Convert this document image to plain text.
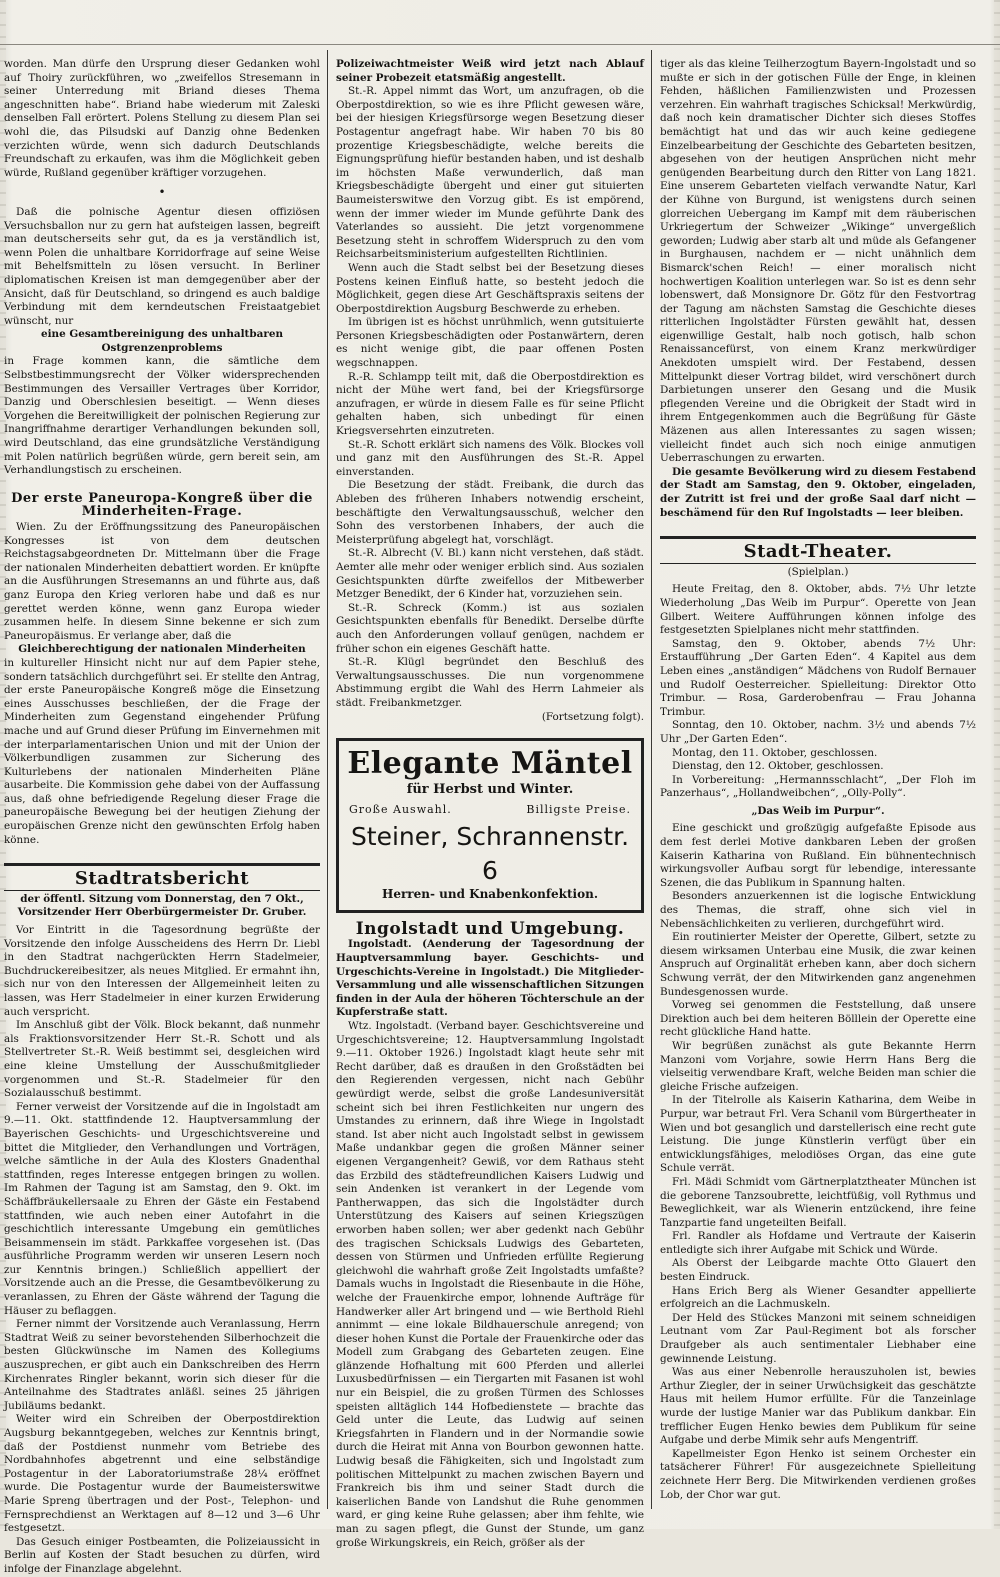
worden. Man dürfe den Ursprung dieser Gedanken wohl auf Thoiry zurückführen, wo „zweifellos Stresemann in seiner Unterredung mit Briand dieses Thema angeschnitten habe“. Briand habe wiederum mit Zaleski denselben Fall erörtert. Polens Stellung zu diesem Plan sei wohl die, das Pilsudski auf Danzig ohne Bedenken verzichten würde, wenn sich dadurch Deutschlands Freundschaft zu erkaufen, was ihm die Möglichkeit geben würde, Rußland gegenüber kräftiger vorzugehen.

•

Daß die polnische Agentur diesen offiziösen Versuchsballon nur zu gern hat aufsteigen lassen, begreift man deutscherseits sehr gut, da es ja verständlich ist, wenn Polen die unhaltbare Korridorfrage auf seine Weise mit Behelfsmitteln zu lösen versucht. In Berliner diplomatischen Kreisen ist man demgegenüber aber der Ansicht, daß für Deutschland, so dringend es auch baldige Verbindung mit dem kerndeutschen Freistaatgebiet wünscht, nur

eine Gesamtbereinigung des unhaltbaren Ostgrenzenproblems

in Frage kommen kann, die sämtliche dem Selbstbestimmungsrecht der Völker widersprechenden Bestimmungen des Versailler Vertrages über Korridor, Danzig und Oberschlesien beseitigt. — Wenn dieses Vorgehen die Bereitwilligkeit der polnischen Regierung zur Inangriffnahme derartiger Verhandlungen bekunden soll, wird Deutschland, das eine grundsätzliche Verständigung mit Polen natürlich begrüßen würde, gern bereit sein, am Verhandlungstisch zu erscheinen.

Der erste Paneuropa-Kongreß über die Minderheiten-Frage.

Wien. Zu der Eröffnungssitzung des Paneuropäischen Kongresses ist von dem deutschen Reichstagsabgeordneten Dr. Mittelmann über die Frage der nationalen Minderheiten debattiert worden. Er knüpfte an die Ausführungen Stresemanns an und führte aus, daß ganz Europa den Krieg verloren habe und daß es nur gerettet werden könne, wenn ganz Europa wieder zusammen helfe. In diesem Sinne bekenne er sich zum Paneuropäismus. Er verlange aber, daß die

Gleichberechtigung der nationalen Minderheiten

in kultureller Hinsicht nicht nur auf dem Papier stehe, sondern tatsächlich durchgeführt sei. Er stellte den Antrag, der erste Paneuropäische Kongreß möge die Einsetzung eines Ausschusses beschließen, der die Frage der Minderheiten zum Gegenstand eingehender Prüfung mache und auf Grund dieser Prüfung im Einvernehmen mit der interparlamentarischen Union und mit der Union der Völkerbundligen zusammen zur Sicherung des Kulturlebens der nationalen Minderheiten Pläne ausarbeite. Die Kommission gehe dabei von der Auffassung aus, daß ohne befriedigende Regelung dieser Frage die paneuropäische Bewegung bei der heutigen Ziehung der europäischen Grenze nicht den gewünschten Erfolg haben könne.

Stadtratsbericht
der öffentl. Sitzung vom Donnerstag, den 7 Okt., Vorsitzender Herr Oberbürgermeister Dr. Gruber.

Vor Eintritt in die Tagesordnung begrüßte der Vorsitzende den infolge Ausscheidens des Herrn Dr. Liebl in den Stadtrat nachgerückten Herrn Stadelmeier, Buchdruckereibesitzer, als neues Mitglied. Er ermahnt ihn, sich nur von den Interessen der Allgemeinheit leiten zu lassen, was Herr Stadelmeier in einer kurzen Erwiderung auch verspricht.

Im Anschluß gibt der Völk. Block bekannt, daß nunmehr als Fraktionsvorsitzender Herr St.-R. Schott und als Stellvertreter St.-R. Weiß bestimmt sei, desgleichen wird eine kleine Umstellung der Ausschußmitglieder vorgenommen und St.-R. Stadelmeier für den Sozialausschuß bestimmt.

Ferner verweist der Vorsitzende auf die in Ingolstadt am 9.—11. Okt. stattfindende 12. Hauptversammlung der Bayerischen Geschichts- und Urgeschichtsvereine und bittet die Mitglieder, den Verhandlungen und Vorträgen, welche sämtliche in der Aula des Klosters Gnadenthal stattfinden, reges Interesse entgegen bringen zu wollen. Im Rahmen der Tagung ist am Samstag, den 9. Okt. im Schäffbräukellersaale zu Ehren der Gäste ein Festabend stattfinden, wie auch neben einer Autofahrt in die geschichtlich interessante Umgebung ein gemütliches Beisammensein im städt. Parkkaffee vorgesehen ist. (Das ausführliche Programm werden wir unseren Lesern noch zur Kenntnis bringen.) Schließlich appelliert der Vorsitzende auch an die Presse, die Gesamtbevölkerung zu veranlassen, zu Ehren der Gäste während der Tagung die Häuser zu beflaggen.

Ferner nimmt der Vorsitzende auch Veranlassung, Herrn Stadtrat Weiß zu seiner bevorstehenden Silberhochzeit die besten Glückwünsche im Namen des Kollegiums auszusprechen, er gibt auch ein Dankschreiben des Herrn Kirchenrates Ringler bekannt, worin sich dieser für die Anteilnahme des Stadtrates anläßl. seines 25 jährigen Jubiläums bedankt.

Weiter wird ein Schreiben der Oberpostdirektion Augsburg bekanntgegeben, welches zur Kenntnis bringt, daß der Postdienst nunmehr vom Betriebe des Nordbahnhofes abgetrennt und eine selbständige Postagentur in der Laboratoriumstraße 28¼ eröffnet wurde. Die Postagentur wurde der Baumeisterswitwe Marie Spreng übertragen und der Post-, Telephon- und Fernsprechdienst an Werktagen auf 8—12 und 3—6 Uhr festgesetzt.

Das Gesuch einiger Postbeamten, die Polizeiaussicht in Berlin auf Kosten der Stadt besuchen zu dürfen, wird infolge der Finanzlage abgelehnt.

Polizeiwachtmeister Weiß wird jetzt nach Ablauf seiner Probezeit etatsmäßig angestellt.

St.-R. Appel nimmt das Wort, um anzufragen, ob die Oberpostdirektion, so wie es ihre Pflicht gewesen wäre, bei der hiesigen Kriegsfürsorge wegen Besetzung dieser Postagentur angefragt habe. Wir haben 70 bis 80 prozentige Kriegsbeschädigte, welche bereits die Eignungsprüfung hiefür bestanden haben, und ist deshalb im höchsten Maße verwunderlich, daß man Kriegsbeschädigte übergeht und einer gut situierten Baumeisterswitwe den Vorzug gibt. Es ist empörend, wenn der immer wieder im Munde geführte Dank des Vaterlandes so aussieht. Die jetzt vorgenommene Besetzung steht in schroffem Widerspruch zu den vom Reichsarbeitsministerium aufgestellten Richtlinien.

Wenn auch die Stadt selbst bei der Besetzung dieses Postens keinen Einfluß hatte, so besteht jedoch die Möglichkeit, gegen diese Art Geschäftspraxis seitens der Oberpostdirektion Augsburg Beschwerde zu erheben.

Im übrigen ist es höchst unrühmlich, wenn gutsituierte Personen Kriegsbeschädigten oder Postanwärtern, deren es nicht wenige gibt, die paar offenen Posten wegschnappen.

R.-R. Schlampp teilt mit, daß die Oberpostdirektion es nicht der Mühe wert fand, bei der Kriegsfürsorge anzufragen, er würde in diesem Falle es für seine Pflicht gehalten haben, sich unbedingt für einen Kriegsversehrten einzutreten.

St.-R. Schott erklärt sich namens des Völk. Blockes voll und ganz mit den Ausführungen des St.-R. Appel einverstanden.

Die Besetzung der städt. Freibank, die durch das Ableben des früheren Inhabers notwendig erscheint, beschäftigte den Verwaltungsausschuß, welcher den Sohn des verstorbenen Inhabers, der auch die Meisterprüfung abgelegt hat, vorschlägt.

St.-R. Albrecht (V. Bl.) kann nicht verstehen, daß städt. Aemter alle mehr oder weniger erblich sind. Aus sozialen Gesichtspunkten dürfte zweifellos der Mitbewerber Metzger Benedikt, der 6 Kinder hat, vorzuziehen sein.

St.-R. Schreck (Komm.) ist aus sozialen Gesichtspunkten ebenfalls für Benedikt. Derselbe dürfte auch den Anforderungen vollauf genügen, nachdem er früher schon ein eigenes Geschäft hatte.

St.-R. Klügl begründet den Beschluß des Verwaltungsausschusses. Die nun vorgenommene Abstimmung ergibt die Wahl des Herrn Lahmeier als städt. Freibankmetzger.

(Fortsetzung folgt).

Elegante Mäntel
für Herbst und Winter.
Große Auswahl.	Billigste Preise.
Steiner, Schrannenstr. 6
Herren- und Knabenkonfektion.
Ingolstadt und Umgebung.

Ingolstadt. (Aenderung der Tagesordnung der Hauptversammlung bayer. Geschichts- und Urgeschichts-Vereine in Ingolstadt.) Die Mitglieder-Versammlung und alle wissenschaftlichen Sitzungen finden in der Aula der höheren Töchterschule an der Kupferstraße statt.

Wtz. Ingolstadt. (Verband bayer. Geschichtsvereine und Urgeschichtsvereine; 12. Hauptversammlung Ingolstadt 9.—11. Oktober 1926.) Ingolstadt klagt heute sehr mit Recht darüber, daß es draußen in den Großstädten bei den Regierenden vergessen, nicht nach Gebühr gewürdigt werde, selbst die große Landesuniversität scheint sich bei ihren Festlichkeiten nur ungern des Umstandes zu erinnern, daß ihre Wiege in Ingolstadt stand. Ist aber nicht auch Ingolstadt selbst in gewissem Maße undankbar gegen die großen Männer seiner eigenen Vergangenheit? Gewiß, vor dem Rathaus steht das Erzbild des städtefreundlichen Kaisers Ludwig und sein Andenken ist verankert in der Legende vom Pantherwappen, das sich die Ingolstädter durch Unterstützung des Kaisers auf seinen Kriegszügen erworben haben sollen; wer aber gedenkt nach Gebühr des tragischen Schicksals Ludwigs des Gebarteten, dessen von Stürmen und Unfrieden erfüllte Regierung gleichwohl die wahrhaft große Zeit Ingolstadts umfaßte? Damals wuchs in Ingolstadt die Riesenbaute in die Höhe, welche der Frauenkirche empor, lohnende Aufträge für Handwerker aller Art bringend und — wie Berthold Riehl annimmt — eine lokale Bildhauerschule anregend; von dieser hohen Kunst die Portale der Frauenkirche oder das Modell zum Grabgang des Gebarteten zeugen. Eine glänzende Hofhaltung mit 600 Pferden und allerlei Luxusbedürfnissen — ein Tiergarten mit Fasanen ist wohl nur ein Beispiel, die zu großen Türmen des Schlosses speisten alltäglich 144 Hofbedienstete — brachte das Geld unter die Leute, das Ludwig auf seinen Kriegsfahrten in Flandern und in der Normandie sowie durch die Heirat mit Anna von Bourbon gewonnen hatte. Ludwig besaß die Fähigkeiten, sich und Ingolstadt zum politischen Mittelpunkt zu machen zwischen Bayern und Frankreich bis ihm und seiner Stadt durch die kaiserlichen Bande von Landshut die Ruhe genommen ward, er ging keine Ruhe gelassen; aber ihm fehlte, wie man zu sagen pflegt, die Gunst der Stunde, um ganz große Wirkungskreis, ein Reich, größer als der

tiger als das kleine Teilherzogtum Bayern-Ingolstadt und so mußte er sich in der gotischen Fülle der Enge, in kleinen Fehden, häßlichen Familienzwisten und Prozessen verzehren. Ein wahrhaft tragisches Schicksal! Merkwürdig, daß noch kein dramatischer Dichter sich dieses Stoffes bemächtigt hat und das wir auch keine gediegene Einzelbearbeitung der Geschichte des Gebarteten besitzen, abgesehen von der heutigen Ansprüchen nicht mehr genügenden Bearbeitung durch den Ritter von Lang 1821. Eine unserem Gebarteten vielfach verwandte Natur, Karl der Kühne von Burgund, ist wenigstens durch seinen glorreichen Uebergang im Kampf mit dem räuberischen Urkriegertum der Schweizer „Wikinge“ unvergeßlich geworden; Ludwig aber starb alt und müde als Gefangener in Burghausen, nachdem er — nicht unähnlich dem Bismarck'schen Reich! — einer moralisch nicht hochwertigen Koalition unterlegen war. So ist es denn sehr lobenswert, daß Monsignore Dr. Götz für den Festvortrag der Tagung am nächsten Samstag die Geschichte dieses ritterlichen Ingolstädter Fürsten gewählt hat, dessen eigenwillige Gestalt, halb noch gotisch, halb schon Renaissancefürst, von einem Kranz merkwürdiger Anekdoten umspielt wird. Der Festabend, dessen Mittelpunkt dieser Vortrag bildet, wird verschönert durch Darbietungen unserer den Gesang und die Musik pflegenden Vereine und die Obrigkeit der Stadt wird in ihrem Entgegenkommen auch die Begrüßung für Gäste Mäzenen aus allen Interessantes zu sagen wissen; vielleicht findet auch sich noch einige anmutigen Ueberraschungen zu erwarten.

Die gesamte Bevölkerung wird zu diesem Festabend der Stadt am Samstag, den 9. Oktober, eingeladen, der Zutritt ist frei und der große Saal darf nicht — beschämend für den Ruf Ingolstadts — leer bleiben.

Stadt-Theater.
(Spielplan.)

Heute Freitag, den 8. Oktober, abds. 7½ Uhr letzte Wiederholung „Das Weib im Purpur“. Operette von Jean Gilbert. Weitere Aufführungen können infolge des festgesetzten Spielplanes nicht mehr stattfinden.

Samstag, den 9. Oktober, abends 7½ Uhr: Erstaufführung „Der Garten Eden“. 4 Kapitel aus dem Leben eines „anständigen“ Mädchens von Rudolf Bernauer und Rudolf Oesterreicher. Spielleitung: Direktor Otto Trimbur. — Rosa, Garderobenfrau — Frau Johanna Trimbur.

Sonntag, den 10. Oktober, nachm. 3½ und abends 7½ Uhr „Der Garten Eden“.

Montag, den 11. Oktober, geschlossen.

Dienstag, den 12. Oktober, geschlossen.

In Vorbereitung: „Hermannsschlacht“, „Der Floh im Panzerhaus“, „Hollandweibchen“, „Olly-Polly“.

„Das Weib im Purpur“.

Eine geschickt und großzügig aufgefaßte Episode aus dem fest derlei Motive dankbaren Leben der großen Kaiserin Katharina von Rußland. Ein bühnentechnisch wirkungsvoller Aufbau sorgt für lebendige, interessante Szenen, die das Publikum in Spannung halten.

Besonders anzuerkennen ist die logische Entwicklung des Themas, die straff, ohne sich viel in Nebensächlichkeiten zu verlieren, durchgeführt wird.

Ein routinierter Meister der Operette, Gilbert, setzte zu diesem wirksamen Unterbau eine Musik, die zwar keinen Anspruch auf Orginalität erheben kann, aber doch sichern Schwung verrät, der den Mitwirkenden ganz angenehmen Bundesgenossen wurde.

Vorweg sei genommen die Feststellung, daß unsere Direktion auch bei dem heiteren Bölllein der Operette eine recht glückliche Hand hatte.

Wir begrüßen zunächst als gute Bekannte Herrn Manzoni vom Vorjahre, sowie Herrn Hans Berg die vielseitig verwendbare Kraft, welche Beiden man schier die gleiche Frische aufzeigen.

In der Titelrolle als Kaiserin Katharina, dem Weibe in Purpur, war betraut Frl. Vera Schanil vom Bürgertheater in Wien und bot gesanglich und darstellerisch eine recht gute Leistung. Die junge Künstlerin verfügt über ein entwicklungsfähiges, melodiöses Organ, das eine gute Schule verrät.

Frl. Mädi Schmidt vom Gärtnerplatztheater München ist die geborene Tanzsoubrette, leichtfüßig, voll Rythmus und Beweglichkeit, war als Wienerin entzückend, ihre feine Tanzpartie fand ungeteilten Beifall.

Frl. Randler als Hofdame und Vertraute der Kaiserin entledigte sich ihrer Aufgabe mit Schick und Würde.

Als Oberst der Leibgarde machte Otto Glauert den besten Eindruck.

Hans Erich Berg als Wiener Gesandter appellierte erfolgreich an die Lachmuskeln.

Der Held des Stückes Manzoni mit seinem schneidigen Leutnant vom Zar Paul-Regiment bot als forscher Draufgeber als auch sentimentaler Liebhaber eine gewinnende Leistung.

Was aus einer Nebenrolle herauszuholen ist, bewies Arthur Ziegler, der in seiner Urwüchsigkeit das geschätzte Haus mit heilem Humor erfüllte. Für die Tanzeinlage wurde der lustige Manier war das Publikum dankbar. Ein trefflicher Eugen Henko bewies dem Publikum für seine Aufgabe und derbe Mimik sehr aufs Mengentriff.

Kapellmeister Egon Henko ist seinem Orchester ein tatsächerer Führer! Für ausgezeichnete Spielleitung zeichnete Herr Berg. Die Mitwirkenden verdienen großes Lob, der Chor war gut.
